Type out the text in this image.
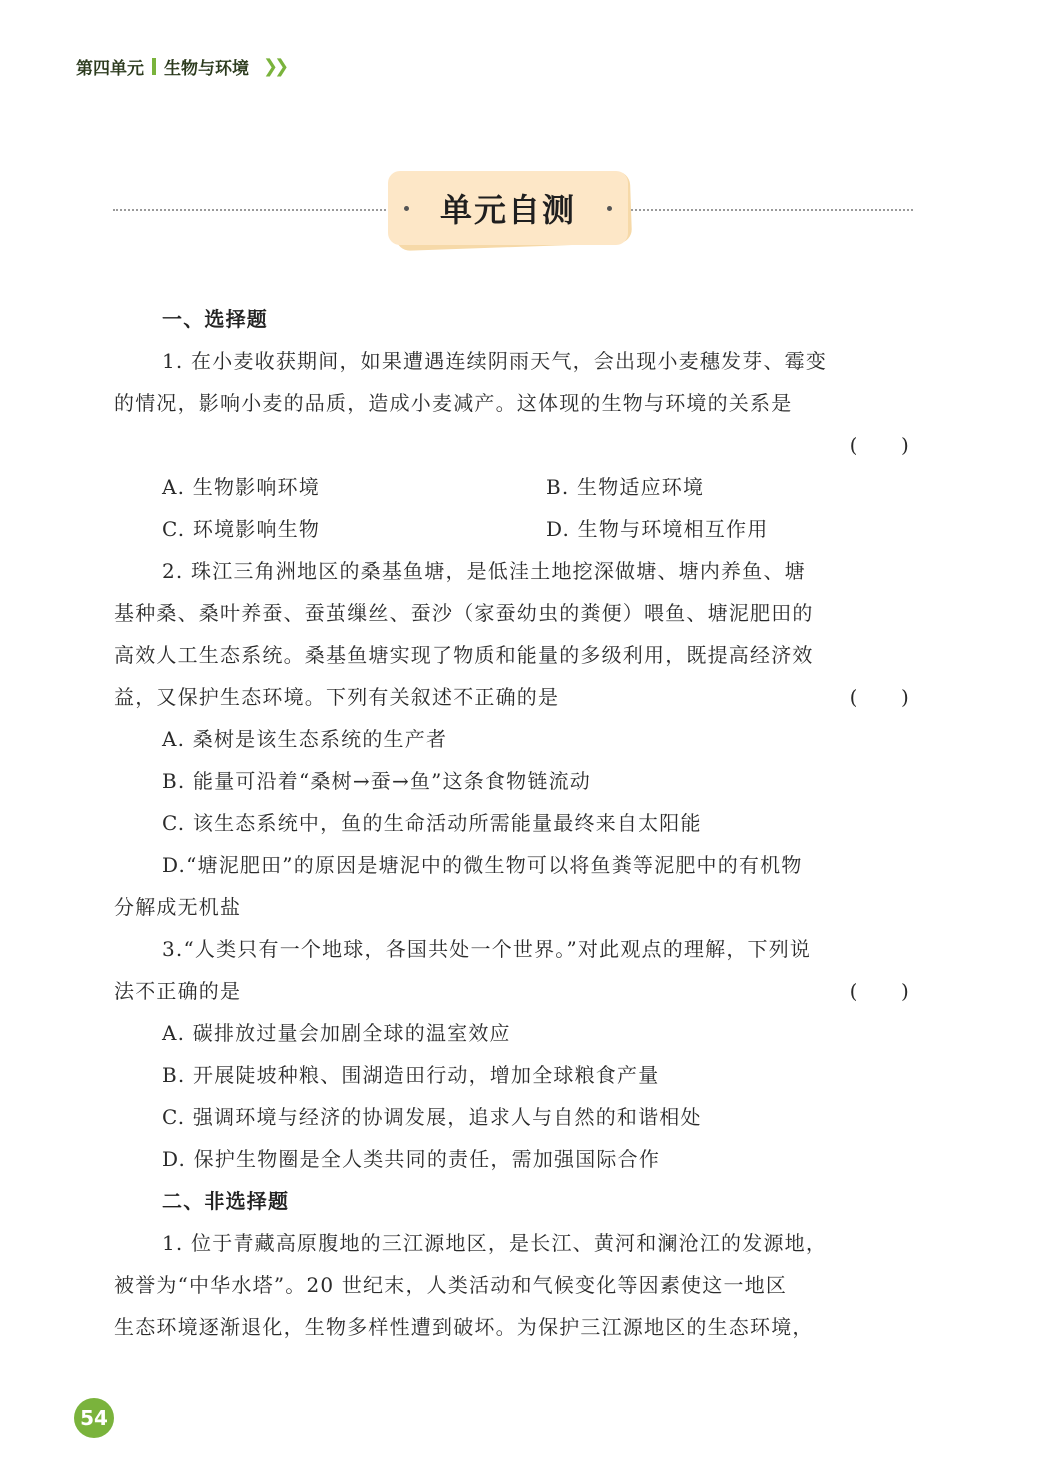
第四单元 生物与环境 ❯❯
单元自测
一、选择题
1. 在小麦收获期间，如果遭遇连续阴雨天气，会出现小麦穗发芽、霉变
的情况，影响小麦的品质，造成小麦减产。这体现的生物与环境的关系是
(　　)
A. 生物影响环境	B. 生物适应环境
C. 环境影响生物	D. 生物与环境相互作用
2. 珠江三角洲地区的桑基鱼塘，是低洼土地挖深做塘、塘内养鱼、塘
基种桑、桑叶养蚕、蚕茧缫丝、蚕沙（家蚕幼虫的粪便）喂鱼、塘泥肥田的
高效人工生态系统。桑基鱼塘实现了物质和能量的多级利用，既提高经济效
益，又保护生态环境。下列有关叙述不正确的是	(　　)
A. 桑树是该生态系统的生产者
B. 能量可沿着“桑树→蚕→鱼”这条食物链流动
C. 该生态系统中，鱼的生命活动所需能量最终来自太阳能
D.“塘泥肥田”的原因是塘泥中的微生物可以将鱼粪等泥肥中的有机物
分解成无机盐
3.“人类只有一个地球，各国共处一个世界。”对此观点的理解，下列说
法不正确的是	(　　)
A. 碳排放过量会加剧全球的温室效应
B. 开展陡坡种粮、围湖造田行动，增加全球粮食产量
C. 强调环境与经济的协调发展，追求人与自然的和谐相处
D. 保护生物圈是全人类共同的责任，需加强国际合作
二、非选择题
1. 位于青藏高原腹地的三江源地区，是长江、黄河和澜沧江的发源地，
被誉为“中华水塔”。20 世纪末，人类活动和气候变化等因素使这一地区
生态环境逐渐退化，生物多样性遭到破坏。为保护三江源地区的生态环境，
54
